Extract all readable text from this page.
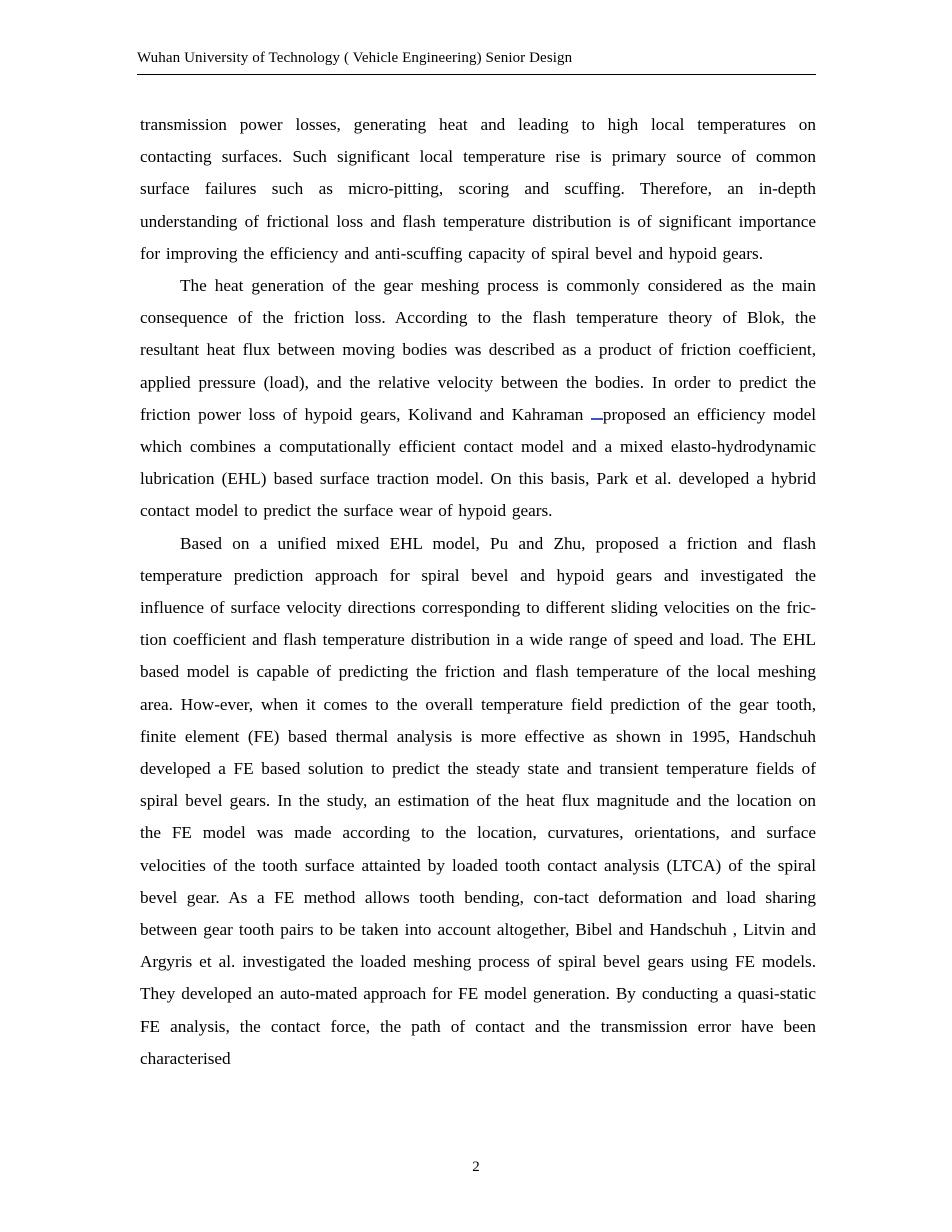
Wuhan University of Technology ( Vehicle Engineering) Senior Design

transmission power losses, generating heat and leading to high local temperatures on contacting surfaces. Such significant local temperature rise is primary source of common surface failures such as micro-pitting, scoring and scuffing. Therefore, an in-depth understanding of frictional loss and flash temperature distribution is of significant importance for improving the efficiency and anti-scuffing capacity of spiral bevel and hypoid gears.

The heat generation of the gear meshing process is commonly considered as the main consequence of the friction loss. According to the flash temperature theory of Blok, the resultant heat flux between moving bodies was described as a product of friction coefficient, applied pressure (load), and the relative velocity between the bodies. In order to predict the friction power loss of hypoid gears, Kolivand and Kahraman proposed an efficiency model which combines a computationally efficient contact model and a mixed elasto-hydrodynamic lubrication (EHL) based surface traction model. On this basis, Park et al. developed a hybrid contact model to predict the surface wear of hypoid gears.

Based on a unified mixed EHL model, Pu and Zhu, proposed a friction and flash temperature prediction approach for spiral bevel and hypoid gears and investigated the influence of surface velocity directions corresponding to different sliding velocities on the fric-tion coefficient and flash temperature distribution in a wide range of speed and load. The EHL based model is capable of predicting the friction and flash temperature of the local meshing area. How-ever, when it comes to the overall temperature field prediction of the gear tooth, finite element (FE) based thermal analysis is more effective as shown in 1995, Handschuh developed a FE based solution to predict the steady state and transient temperature fields of spiral bevel gears. In the study, an estimation of the heat flux magnitude and the location on the FE model was made according to the location, curvatures, orientations, and surface velocities of the tooth surface attainted by loaded tooth contact analysis (LTCA) of the spiral bevel gear. As a FE method allows tooth bending, con-tact deformation and load sharing between gear tooth pairs to be taken into account altogether, Bibel and Handschuh , Litvin and Argyris et al. investigated the loaded meshing process of spiral bevel gears using FE models. They developed an auto-mated approach for FE model generation. By conducting a quasi-static FE analysis, the contact force, the path of contact and the transmission error have been characterised

2
